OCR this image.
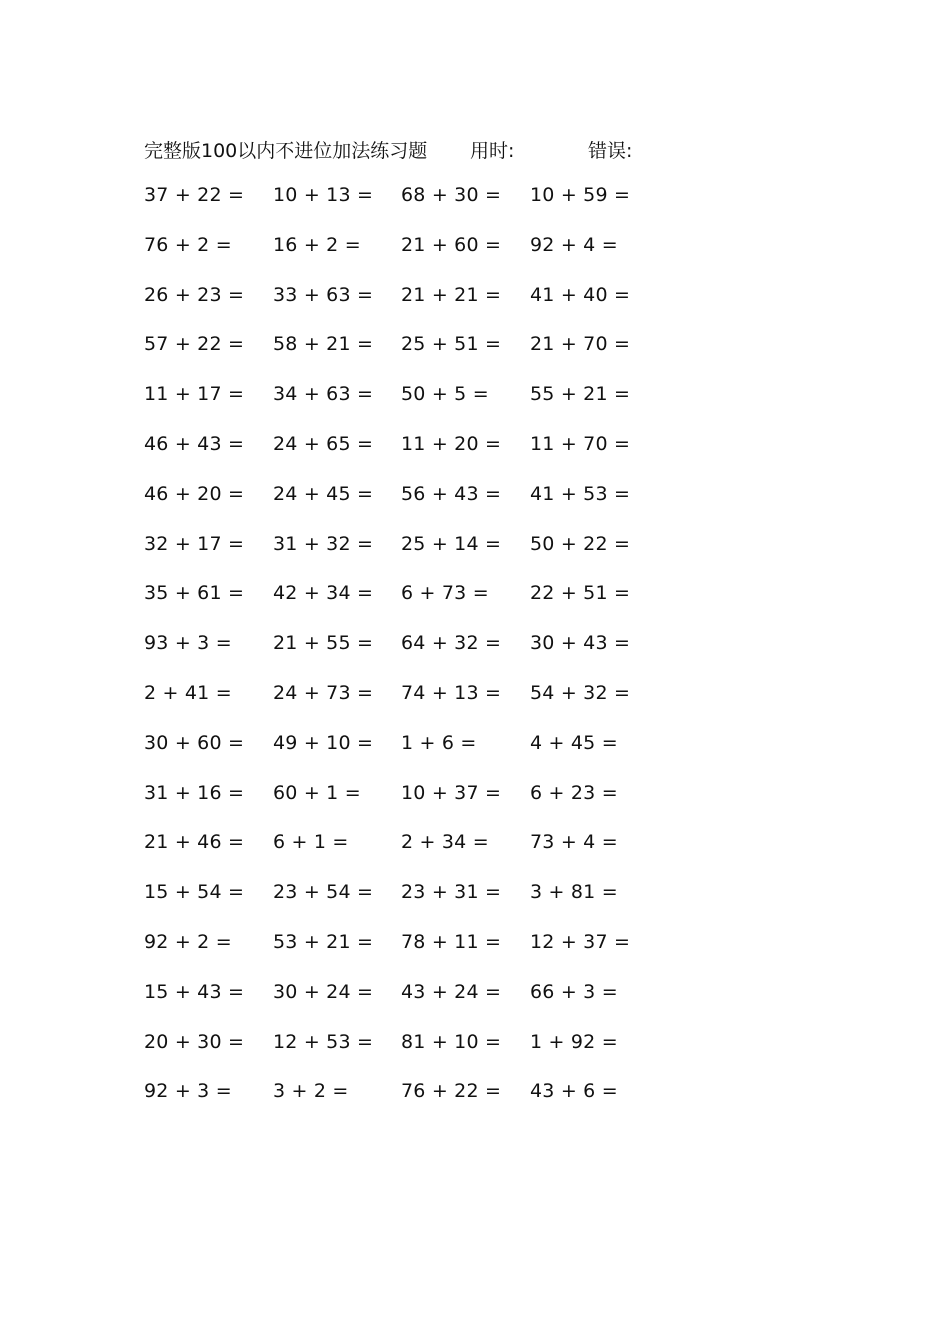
完整版100以内不进位加法练习题 用时:	错误:
37 + 22 = 10 + 13 = 68 + 30 = 10 + 59 =
76 + 2 = 16 + 2 = 21 + 60 = 92 + 4 =
26 + 23 = 33 + 63 = 21 + 21 = 41 + 40 =
57 + 22 = 58 + 21 = 25 + 51 = 21 + 70 =
11 + 17 = 34 + 63 = 50 + 5 = 55 + 21 =
46 + 43 = 24 + 65 = 11 + 20 = 11 + 70 =
46 + 20 = 24 + 45 = 56 + 43 = 41 + 53 =
32 + 17 = 31 + 32 = 25 + 14 = 50 + 22 =
35 + 61 = 42 + 34 = 6 + 73 = 22 + 51 =
93 + 3 = 21 + 55 = 64 + 32 = 30 + 43 =
2 + 41 = 24 + 73 = 74 + 13 = 54 + 32 =
30 + 60 = 49 + 10 = 1 + 6 =	4 + 45 =
31 + 16 = 60 + 1 = 10 + 37 = 6 + 23 =
21 + 46 = 6 + 1 =	2 + 34 = 73 + 4 =
15 + 54 = 23 + 54 = 23 + 31 = 3 + 81 =
92 + 2 = 53 + 21 = 78 + 11 = 12 + 37 =
15 + 43 = 30 + 24 = 43 + 24 = 66 + 3 =
20 + 30 = 12 + 53 = 81 + 10 = 1 + 92 =
92 + 3 = 3 + 2 =	76 + 22 = 43 + 6 =
